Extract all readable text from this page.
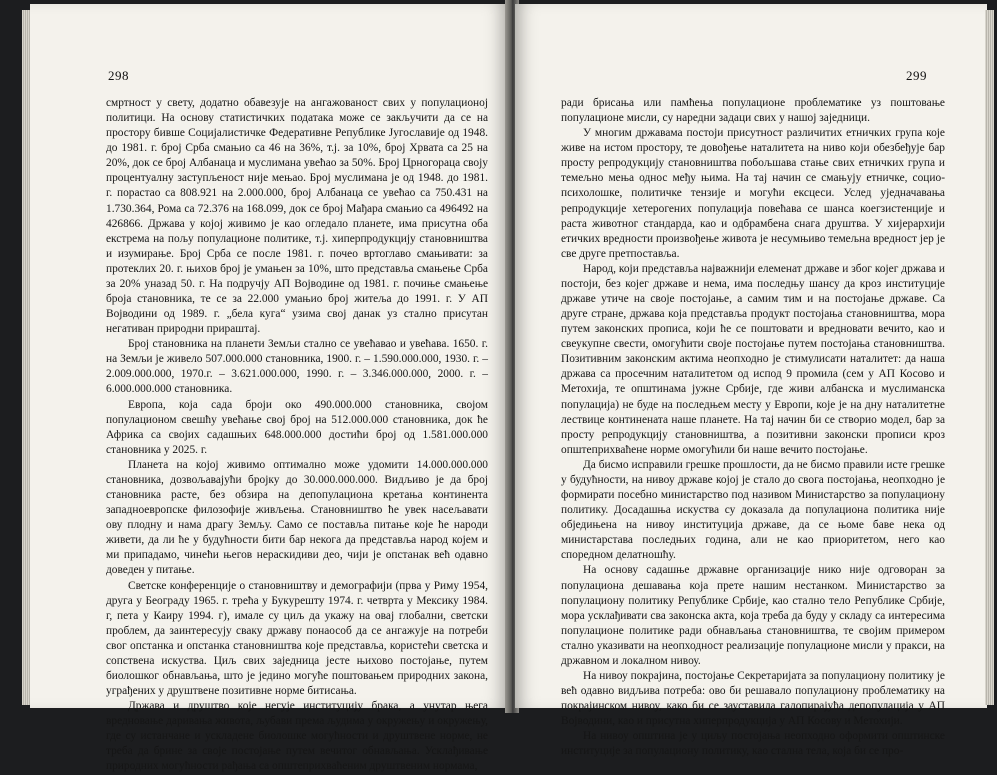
298

смртност у свету, додатно обавезује на ангажованост свих у популационој политици. На основу статистичких података може се закључити да се на простору бивше Социјалистичке Федеративне Републике Југославије од 1948. до 1981. г. број Срба смањио са 46 на 36%, т.ј. за 10%, број Хрвата са 25 на 20%, док се број Албанаца и муслимана увећао за 50%. Број Црногораца своју процентуалну заступљеност није мењао. Број муслимана је од 1948. до 1981. г. порастао са 808.921 на 2.000.000, број Албанаца се увећао са 750.431 на 1.730.364, Рома са 72.376 на 168.099, док се број Мађара смањио са 496492 на 426866. Држава у којој живимо је као огледало планете, има присутна оба екстрема на пољу популационе политике, т.ј. хиперпродукцију становништва и изумирање. Број Срба се после 1981. г. почео вртоглаво смањивати: за протеклих 20. г. њихов број је умањен за 10%, што представља смањење Срба за 20% уназад 50. г. На подручју АП Војводине од 1981. г. почиње смањење броја становника, те се за 22.000 умањио број житеља до 1991. г. У АП Војводини од 1989. г. „бела куга“ узима свој данак уз стално присутан негативан природни прираштај.

Број становника на планети Земљи стално се увећавао и увећава. 1650. г. на Земљи је живело 507.000.000 становника, 1900. г. – 1.590.000.000, 1930. г. – 2.009.000.000, 1970.г. – 3.621.000.000, 1990. г. – 3.346.000.000, 2000. г. – 6.000.000.000 становника.

Европа, која сада броји око 490.000.000 становника, својом популационом свешћу увећање свој број на 512.000.000 становника, док ће Африка са својих садашњих 648.000.000 достићи број од 1.581.000.000 становника у 2025. г.

Планета на којој живимо оптимално може удомити 14.000.000.000 становника, дозвољавајући бројку до 30.000.000.000. Видљиво је да број становника расте, без обзира на депопулациона кретања континента западноевропске филозофије живљења. Становништво ће увек насељавати ову плодну и нама драгу Земљу. Само се поставља питање које ће народи живети, да ли ће у будућности бити бар некога да представља народ којем и ми припадамо, чинећи његов нераскидиви део, чији је опстанак већ одавно доведен у питање.

Светске конференције о становништву и демографији (прва у Риму 1954, друга у Београду 1965. г. трећа у Букурешту 1974. г. четврта у Мексику 1984. г, пета у Каиру 1994. г), имале су циљ да укажу на овај глобални, светски проблем, да заинтересују сваку државу понаособ да се ангажује на потреби свог опстанка и опстанка становништва које представља, користећи светска и сопствена искуства. Циљ свих заједница јесте њихово постојање, путем биолошког обнављања, што је једино могуће поштовањем природних закона, уграђених у друштвене позитивне норме битисања.

Држава и друштво које негује институцију брака, а унутар њега вредновање даривања живота, љубави према људима у окружењу и окружењу, где су истанчане и ускладене биолошке могућности и друштвене норме, не треба да брине за своје постојање путем вечитог обнављања. Усклађивање природних могућности рађања са општеприхваћеним друштвеним нормама,

299

ради брисања или памћења популационе проблематике уз поштовање популационе мисли, су наредни задаци свих у нашој заједници.

У многим државама постоји присутност различитих етничких група које живе на истом простору, те довођење наталитета на ниво који обезбеђује бар просту репродукцију становништва побољшава стање свих етничких група и темељно мења однос међу њима. На тај начин се смањују етничке, социо-психолошке, политичке тензије и могући ексцеси. Услед уједначавања репродукције хетерогених популација повећава се шанса коегзистенције и раста животног стандарда, као и одбрамбена снага друштва. У хијерархији етичких вредности произвођење живота је несумњиво темељна вредност јер је све друге претпоставља.

Народ, који представља најважнији елеменат државе и због којег држава и постоји, без којег државе и нема, има последњу шансу да кроз институције државе утиче на своје постојање, а самим тим и на постојање државе. Са друге стране, држава која представља продукт постојања становништва, мора путем законских прописа, који ће се поштовати и вредновати вечито, као и свеукупне свести, омогућити своје постојање путем постојања становништва. Позитивним законским актима неопходно је стимулисати наталитет: да наша држава са просечним наталитетом од испод 9 промила (сем у АП Косово и Метохија, те општинама јужне Србије, где живи албанска и муслиманска популација) не буде на последњем месту у Европи, које је на дну наталитетне лествице континената наше планете. На тај начин би се створио модел, бар за просту репродукцију становништва, а позитивни законски прописи кроз општеприхваћене норме омогућили би наше вечито постојање.

Да бисмо исправили грешке прошлости, да не бисмо правили исте грешке у будућности, на нивоу државе којој је стало до свога постојања, неопходно је формирати посебно министарство под називом Министарство за популациону политику. Досадашња искуства су доказала да популациона политика није обједињена на нивоу институција државе, да се њоме баве нека од министарстава последњих година, али не као приоритетом, него као споредном делатношћу.

На основу садашње државне организације нико није одговоран за популациона дешавања која прете нашим нестанком. Министарство за популациону политику Републике Србије, као стално тело Републике Србије, мора усклађивати сва законска акта, која треба да буду у складу са интересима популационе политике ради обнављања становништва, те својим примером стално указивати на неопходност реализације популационе мисли у пракси, на државном и локалном нивоу.

На нивоу покрајина, постојање Секретаријата за популациону политику је већ одавно видљива потреба: ово би решавало популациону проблематику на покрајинском нивоу, како би се зауставила галопирајућа депопулација у АП Војводини, као и присутна хиперпродукција у АП Косову и Метохији.

На нивоу општина је у циљу постојања неопходно оформити општинске институције за популациону политику, као стална тела, која би се про-
